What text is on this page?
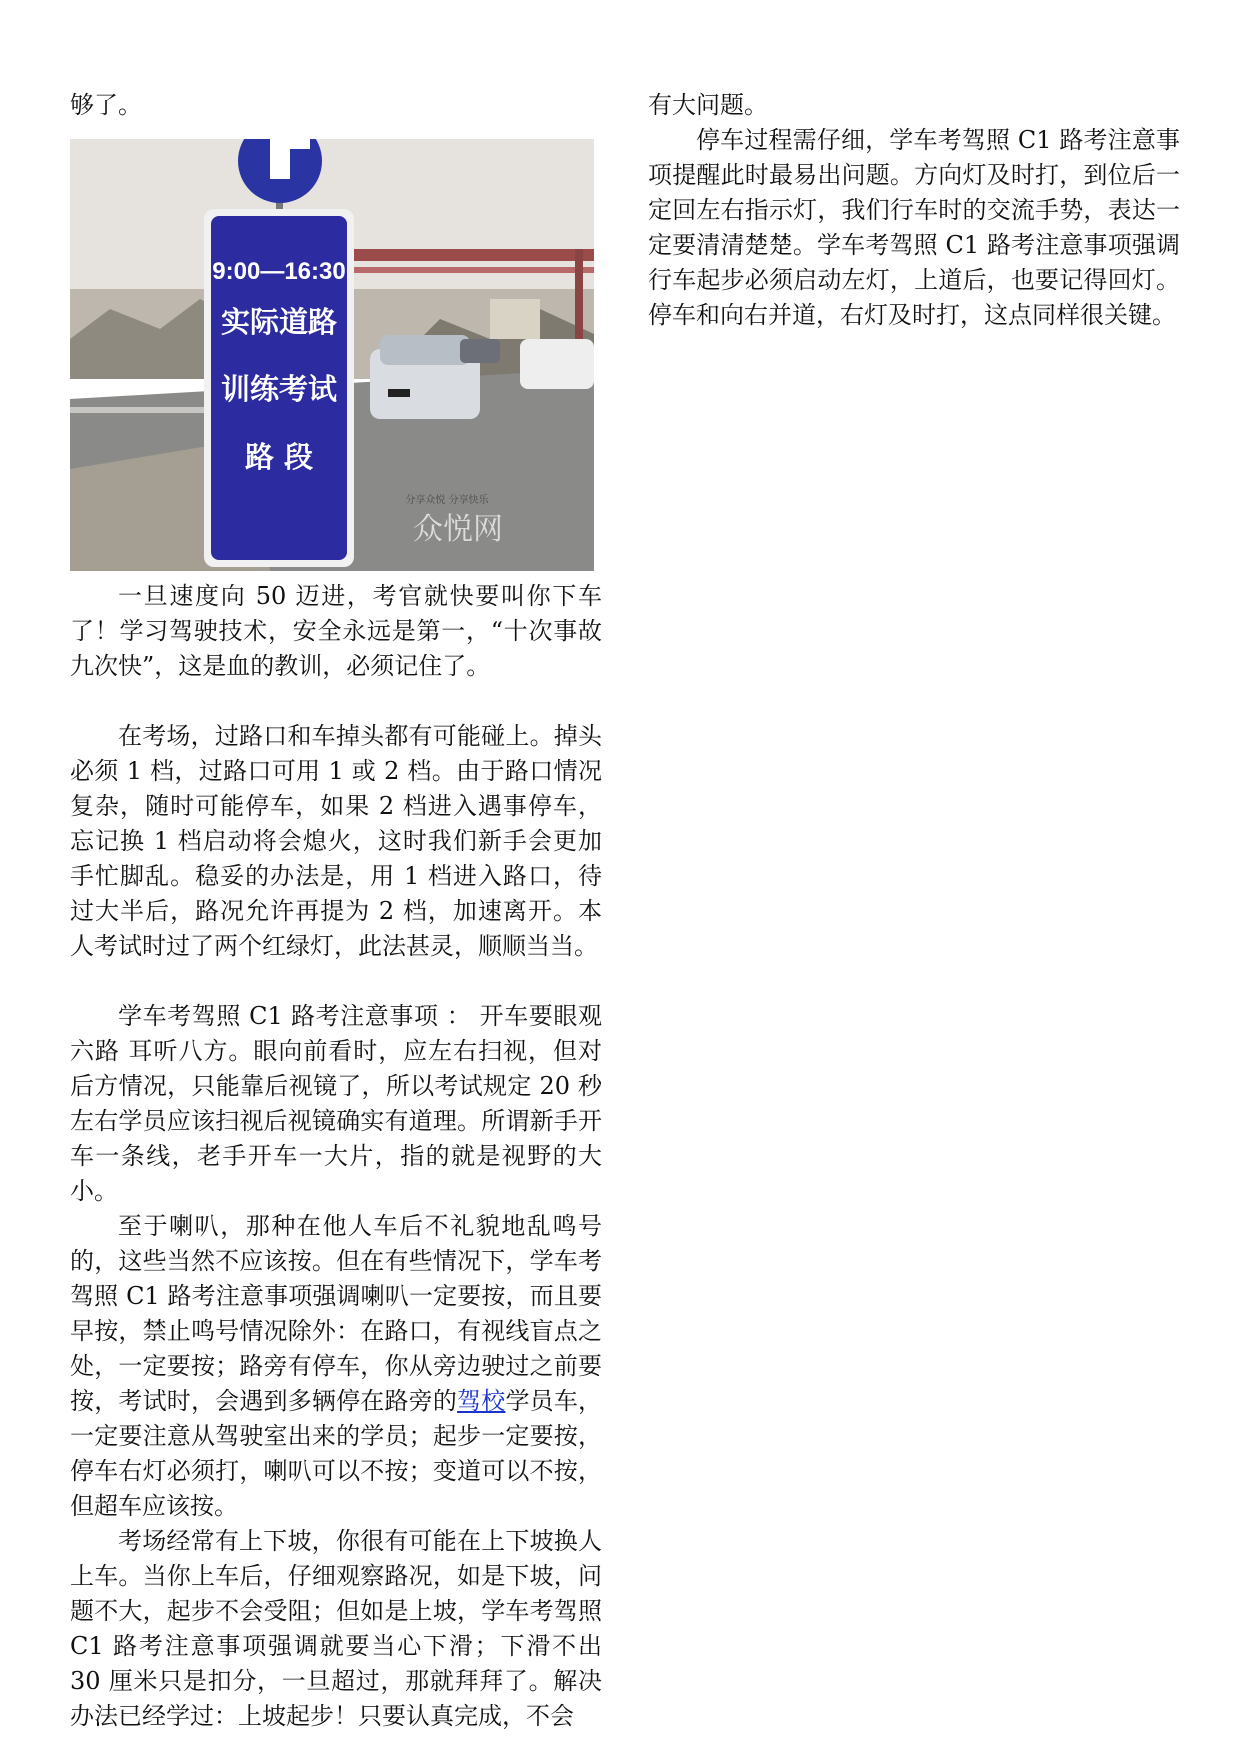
够了。

9:00—16:30
实际道路
训练考试
路 段
分享众悦 分享快乐
众悦网

一旦速度向 50 迈进，考官就快要叫你下车了！学习驾驶技术，安全永远是第一，“十次事故九次快”，这是血的教训，必须记住了。

在考场，过路口和车掉头都有可能碰上。掉头必须 1 档，过路口可用 1 或 2 档。由于路口情况复杂，随时可能停车，如果 2 档进入遇事停车，忘记换 1 档启动将会熄火，这时我们新手会更加手忙脚乱。稳妥的办法是，用 1 档进入路口，待过大半后，路况允许再提为 2 档，加速离开。本人考试时过了两个红绿灯，此法甚灵，顺顺当当。

学车考驾照 C1 路考注意事项 ： 开车要眼观六路 耳听八方。眼向前看时，应左右扫视，但对后方情况，只能靠后视镜了，所以考试规定 20 秒左右学员应该扫视后视镜确实有道理。所谓新手开车一条线，老手开车一大片，指的就是视野的大小。

至于喇叭，那种在他人车后不礼貌地乱鸣号的，这些当然不应该按。但在有些情况下，学车考驾照 C1 路考注意事项强调喇叭一定要按，而且要早按，禁止鸣号情况除外：在路口，有视线盲点之处，一定要按；路旁有停车，你从旁边驶过之前要按，考试时，会遇到多辆停在路旁的驾校学员车，一定要注意从驾驶室出来的学员；起步一定要按，停车右灯必须打，喇叭可以不按；变道可以不按，但超车应该按。

考场经常有上下坡，你很有可能在上下坡换人上车。当你上车后，仔细观察路况，如是下坡，问题不大，起步不会受阻；但如是上坡，学车考驾照 C1 路考注意事项强调就要当心下滑；下滑不出 30 厘米只是扣分，一旦超过，那就拜拜了。解决办法已经学过：上坡起步！只要认真完成，不会

有大问题。

停车过程需仔细，学车考驾照 C1 路考注意事项提醒此时最易出问题。方向灯及时打，到位后一定回左右指示灯，我们行车时的交流手势，表达一定要清清楚楚。学车考驾照 C1 路考注意事项强调行车起步必须启动左灯，上道后，也要记得回灯。停车和向右并道，右灯及时打，这点同样很关键。
